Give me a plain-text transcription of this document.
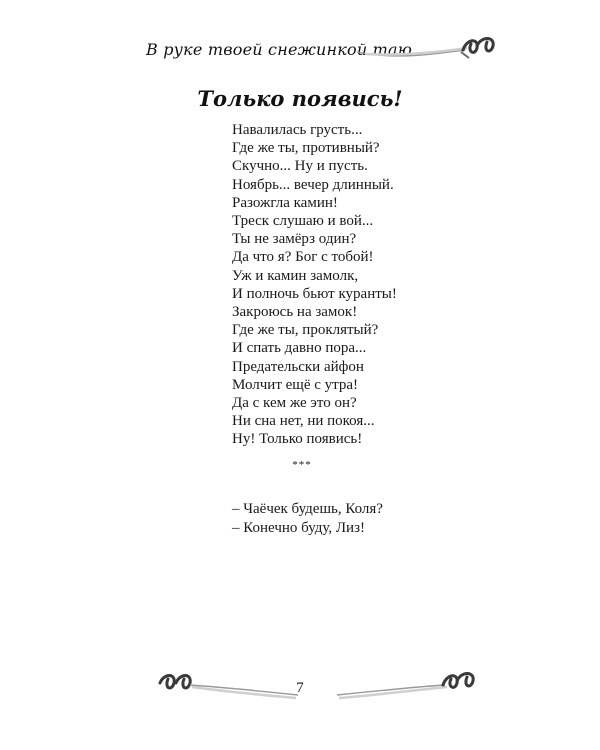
В руке твоей снежинкой таю
Только появись!
Навалилась грусть...
Где же ты, противный?
Скучно... Ну и пусть.
Ноябрь... вечер длинный.
Разожгла камин!
Треск слушаю и вой...
Ты не замёрз один?
Да что я? Бог с тобой!
Уж и камин замолк,
И полночь бьют куранты!
Закроюсь на замок!
Где же ты, проклятый?
И спать давно пора...
Предательски айфон
Молчит ещё с утра!
Да с кем же это он?
Ни сна нет, ни покоя...
Ну! Только появись!
***
– Чаёчек будешь, Коля?
– Конечно буду, Лиз!
7
